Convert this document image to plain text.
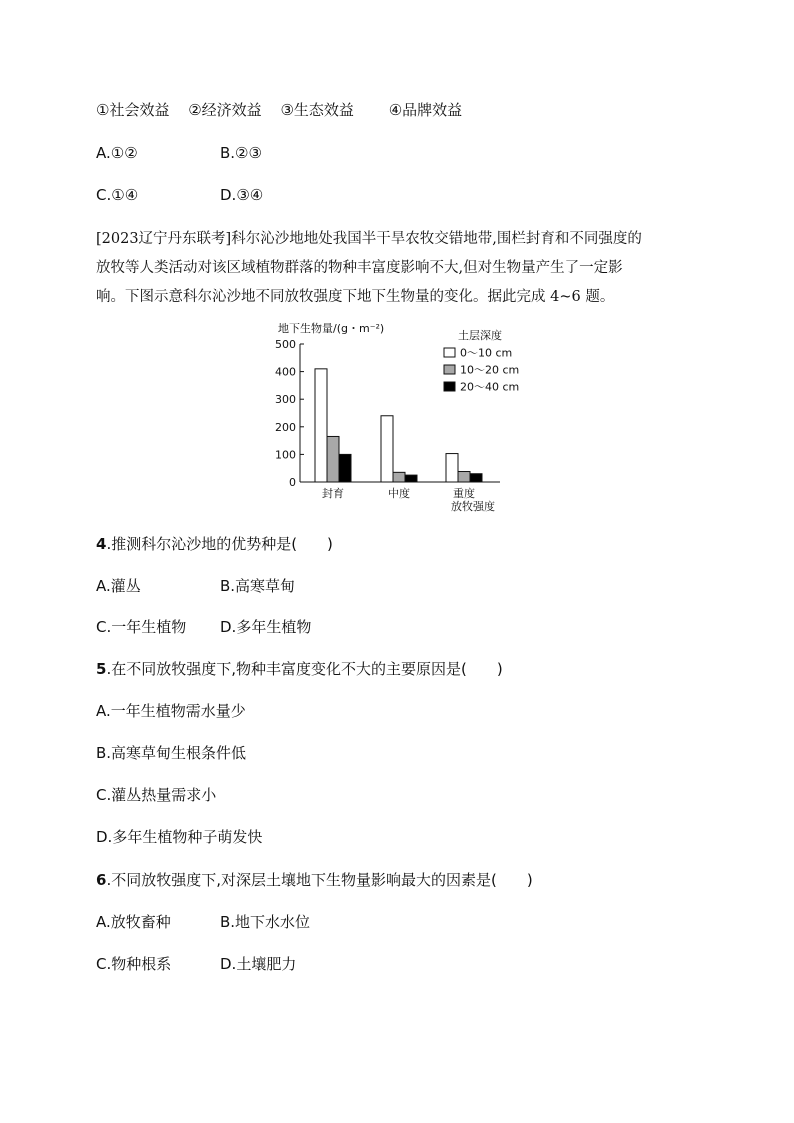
①社会效益 ②经济效益 ③生态效益 ④品牌效益
A.①②	B.②③
C.①④	D.③④

[2023辽宁丹东联考]科尔沁沙地地处我国半干旱农牧交错地带,围栏封育和不同强度的

放牧等人类活动对该区域植物群落的物种丰富度影响不大,但对生物量产生了一定影

响。下图示意科尔沁沙地不同放牧强度下地下生物量的变化。据此完成 4~6 题。

地下生物量/(g・m⁻²)
0
100
200
300
400
500
封育	中度	重度
放牧强度
土层深度
0～10 cm
10～20 cm
20～40 cm
4.推测科尔沁沙地的优势种是(　　)
A.灌丛	B.高寒草甸
C.一年生植物 D.多年生植物
5.在不同放牧强度下,物种丰富度变化不大的主要原因是(　　)
A.一年生植物需水量少
B.高寒草甸生根条件低
C.灌丛热量需求小
D.多年生植物种子萌发快
6.不同放牧强度下,对深层土壤地下生物量影响最大的因素是(　　)
A.放牧畜种	B.地下水水位
C.物种根系	D.土壤肥力
